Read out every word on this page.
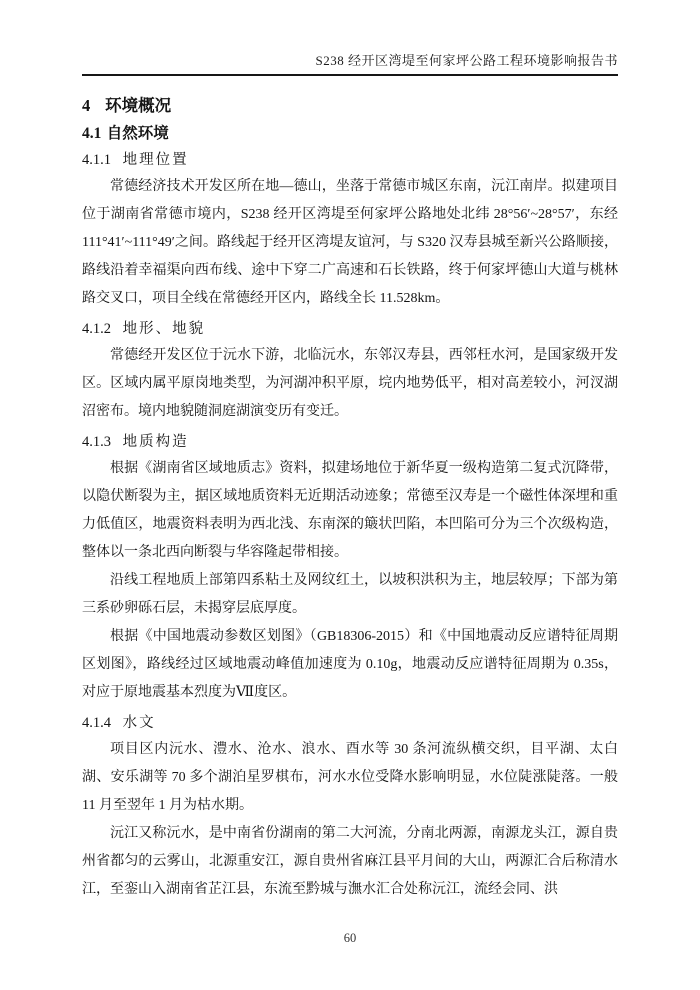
S238 经开区湾堤至何家坪公路工程环境影响报告书
4 环境概况
4.1 自然环境
4.1.1 地理位置

常德经济技术开发区所在地—德山，坐落于常德市城区东南，沅江南岸。拟建项目位于湖南省常德市境内，S238 经开区湾堤至何家坪公路地处北纬 28°56′~28°57′，东经 111°41′~111°49′之间。路线起于经开区湾堤友谊河，与 S320 汉寿县城至新兴公路顺接，路线沿着幸福渠向西布线、途中下穿二广高速和石长铁路，终于何家坪德山大道与桃林路交叉口，项目全线在常德经开区内，路线全长 11.528km。

4.1.2 地形、地貌

常德经开发区位于沅水下游，北临沅水，东邻汉寿县，西邻枉水河，是国家级开发区。区域内属平原岗地类型，为河湖冲积平原，垸内地势低平，相对高差较小，河汊湖沼密布。境内地貌随洞庭湖演变历有变迁。

4.1.3 地质构造

根据《湖南省区域地质志》资料，拟建场地位于新华夏一级构造第二复式沉降带，以隐伏断裂为主，据区域地质资料无近期活动迹象；常德至汉寿是一个磁性体深埋和重力低值区，地震资料表明为西北浅、东南深的簸状凹陷，本凹陷可分为三个次级构造，整体以一条北西向断裂与华容隆起带相接。

沿线工程地质上部第四系粘土及网纹红土，以坡积洪积为主，地层较厚；下部为第三系砂卵砾石层，未揭穿层底厚度。

根据《中国地震动参数区划图》（GB18306-2015）和《中国地震动反应谱特征周期区划图》，路线经过区域地震动峰值加速度为 0.10g，地震动反应谱特征周期为 0.35s，对应于原地震基本烈度为Ⅶ度区。

4.1.4 水文

项目区内沅水、澧水、沧水、浪水、酉水等 30 条河流纵横交织，目平湖、太白湖、安乐湖等 70 多个湖泊星罗棋布，河水水位受降水影响明显，水位陡涨陡落。一般 11 月至翌年 1 月为枯水期。

沅江又称沅水，是中南省份湖南的第二大河流，分南北两源，南源龙头江，源自贵州省都匀的云雾山，北源重安江，源自贵州省麻江县平月间的大山，两源汇合后称清水江，至銮山入湖南省芷江县，东流至黔城与潕水汇合处称沅江，流经会同、洪

60
